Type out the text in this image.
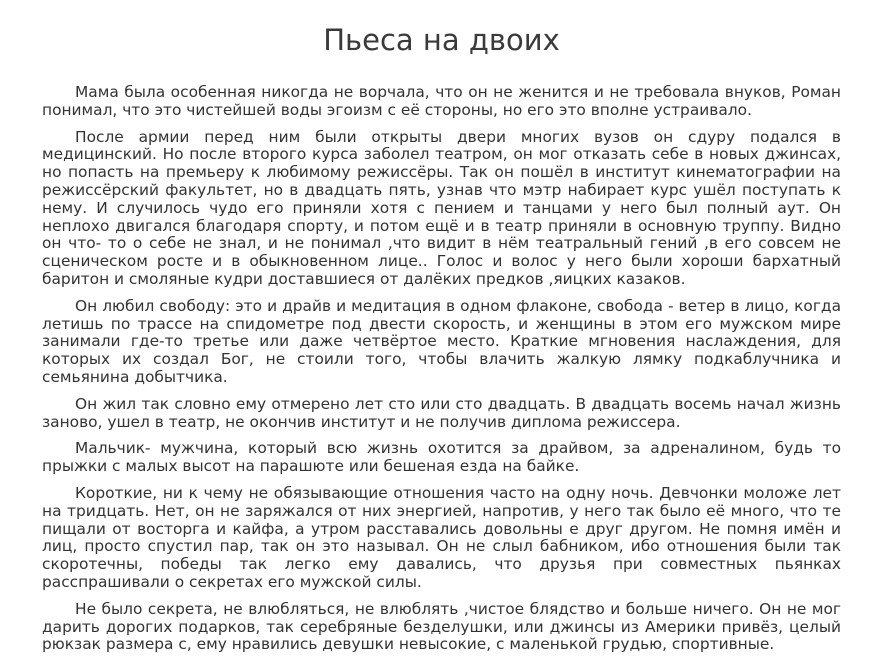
Пьеса на двоих

Мама была особенная никогда не ворчала, что он не женится и не требовала внуков, Роман понимал, что это чистейшей воды эгоизм с её стороны, но его это вполне устраивало.

После армии перед ним были открыты двери многих вузов он сдуру подался в медицинский. Но после второго курса заболел театром, он мог отказать себе в новых джинсах, но попасть на премьеру к любимому режиссёры. Так он пошёл в институт кинематографии на режиссёрский факультет, но в двадцать пять, узнав что мэтр набирает курс ушёл поступать к нему. И случилось чудо его приняли хотя с пением и танцами у него был полный аут. Он неплохо двигался благодаря спорту, и потом ещё и в театр приняли в основную труппу. Видно он что- то о себе не знал, и не понимал ,что видит в нём театральный гений ,в его совсем не сценическом росте и в обыкновенном лице.. Голос и волос у него были хороши бархатный баритон и смоляные кудри доставшиеся от далёких предков ,яицких казаков.

Он любил свободу: это и драйв и медитация в одном флаконе, свобода - ветер в лицо, когда летишь по трассе на спидометре под двести скорость, и женщины в этом его мужском мире занимали где-то третье или даже четвёртое место. Краткие мгновения наслаждения, для которых их создал Бог, не стоили того, чтобы влачить жалкую лямку подкаблучника и семьянина добытчика.

Он жил так словно ему отмерено лет сто или сто двадцать. В двадцать восемь начал жизнь заново, ушел в театр, не окончив институт и не получив диплома режиссера.

Мальчик- мужчина, который всю жизнь охотится за драйвом, за адреналином, будь то прыжки с малых высот на парашюте или бешеная езда на байке.

Короткие, ни к чему не обязывающие отношения часто на одну ночь. Девчонки моложе лет на тридцать. Нет, он не заряжался от них энергией, напротив, у него так было её много, что те пищали от восторга и кайфа, а утром расставались довольны е друг другом. Не помня имён и лиц, просто спустил пар, так он это называл. Он не слыл бабником, ибо отношения были так скоротечны, победы так легко ему давались, что друзья при совместных пьянках расспрашивали о секретах его мужской силы.

Не было секрета, не влюбляться, не влюблять ,чистое блядство и больше ничего. Он не мог дарить дорогих подарков, так серебряные безделушки, или джинсы из Америки привёз, целый рюкзак размера с, ему нравились девушки невысокие, с маленькой грудью, спортивные.
